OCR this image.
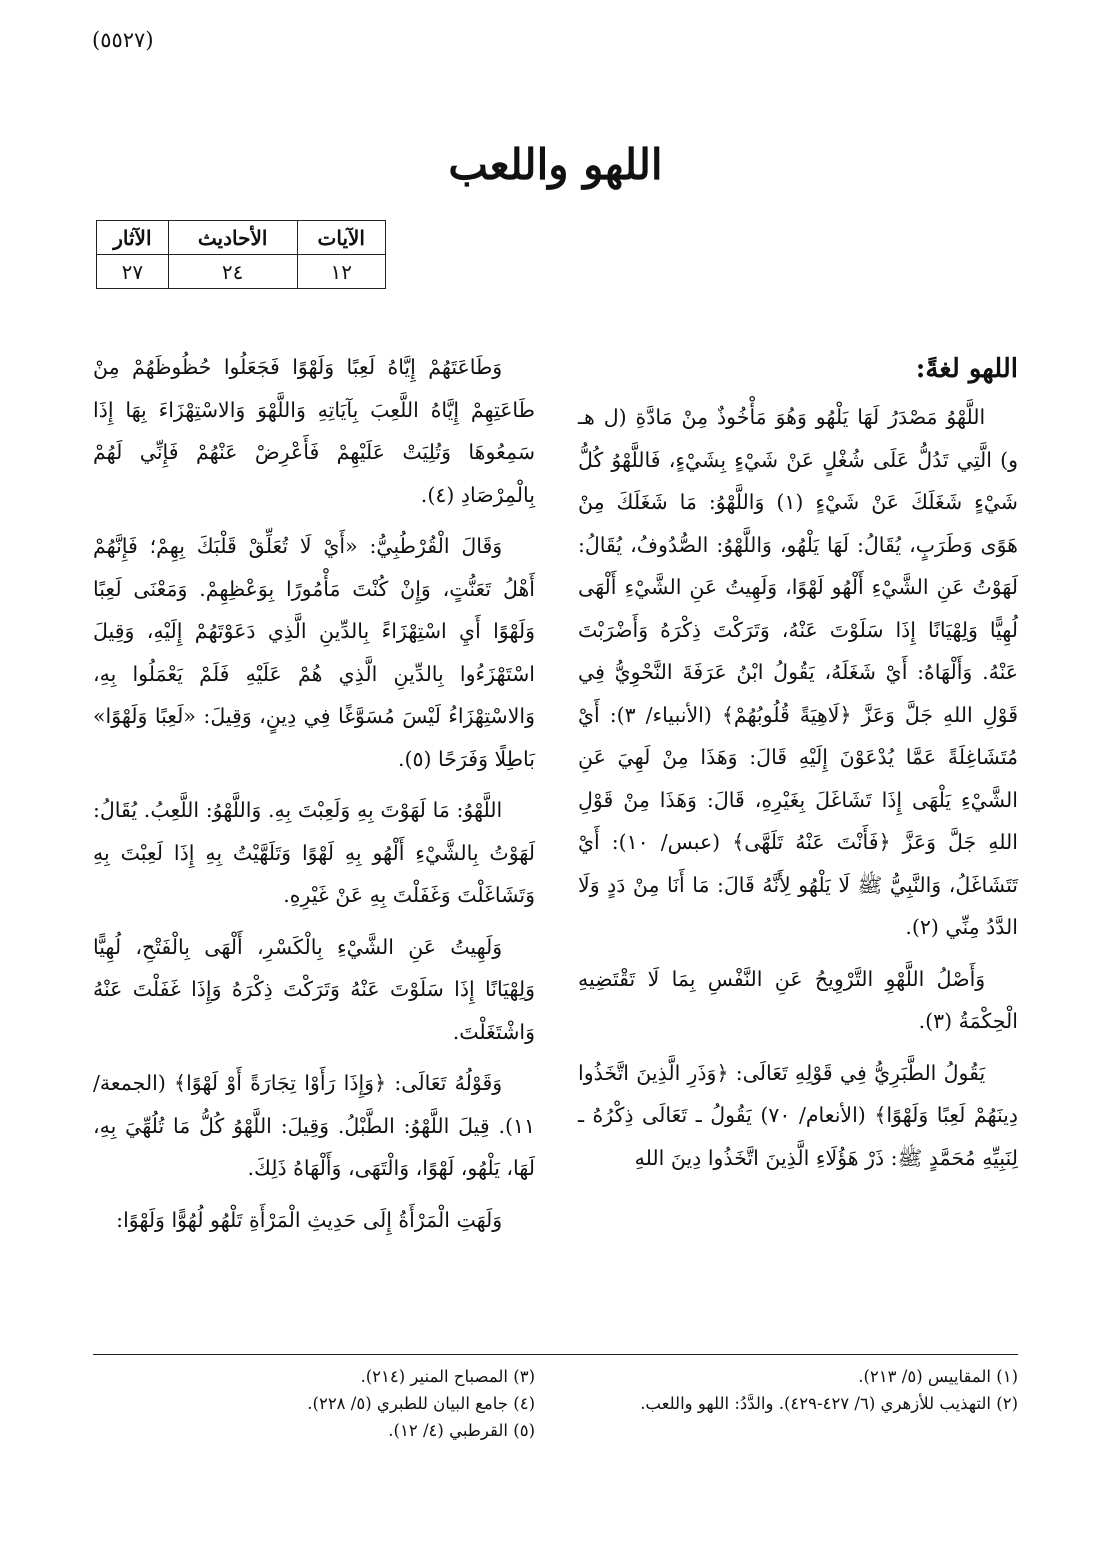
(٥٥٢٧)
اللهو واللعب
الآيات	الأحاديث	الآثار
١٢	٢٤	٢٧
اللهو لغةً:

اللَّهْوُ مَصْدَرُ لَهَا يَلْهُو وَهُوَ مَأْخُوذٌ مِنْ مَادَّةِ (ل هـ و) الَّتِي تَدُلُّ عَلَى شُغْلٍ عَنْ شَيْءٍ بِشَيْءٍ، فَاللَّهْوُ كُلُّ شَيْءٍ شَغَلَكَ عَنْ شَيْءٍ (١) وَاللَّهْوُ: مَا شَغَلَكَ مِنْ هَوًى وَطَرَبٍ، يُقَالُ: لَهَا يَلْهُو، وَاللَّهْوُ: الصُّدُوفُ، يُقَالُ: لَهَوْتُ عَنِ الشَّيْءِ أَلْهُو لَهْوًا، وَلَهِيتُ عَنِ الشَّيْءِ أَلْهَى لُهِيًّا وَلِهْيَانًا إِذَا سَلَوْتَ عَنْهُ، وَتَرَكْتَ ذِكْرَهُ وَأَضْرَبْتَ عَنْهُ. وَأَلْهَاهُ: أَيْ شَغَلَهُ، يَقُولُ ابْنُ عَرَفَةَ النَّحْوِيُّ فِي قَوْلِ اللهِ جَلَّ وَعَزَّ ﴿لَاهِيَةً قُلُوبُهُمْ﴾ (الأنبياء/ ٣): أَيْ مُتَشَاغِلَةً عَمَّا يُدْعَوْنَ إِلَيْهِ قَالَ: وَهَذَا مِنْ لَهِيَ عَنِ الشَّيْءِ يَلْهَى إِذَا تَشَاغَلَ بِغَيْرِهِ، قَالَ: وَهَذَا مِنْ قَوْلِ اللهِ جَلَّ وَعَزَّ ﴿فَأَنْتَ عَنْهُ تَلَهَّى﴾ (عبس/ ١٠): أَيْ تَتَشَاغَلُ، وَالنَّبِيُّ ﷺ لَا يَلْهُو لِأَنَّهُ قَالَ: مَا أَنَا مِنْ دَدٍ وَلَا الدَّدُ مِنِّي (٢).

وَأَصْلُ اللَّهْوِ التَّرْوِيحُ عَنِ النَّفْسِ بِمَا لَا تَقْتَضِيهِ الْحِكْمَةُ (٣).

يَقُولُ الطَّبَرِيُّ فِي قَوْلِهِ تَعَالَى: ﴿وَذَرِ الَّذِينَ اتَّخَذُوا دِينَهُمْ لَعِبًا وَلَهْوًا﴾ (الأنعام/ ٧٠) يَقُولُ ـ تَعَالَى ذِكْرُهُ ـ لِنَبِيِّهِ مُحَمَّدٍ ﷺ: ذَرْ هَؤُلَاءِ الَّذِينَ اتَّخَذُوا دِينَ اللهِ

وَطَاعَتَهُمْ إِيَّاهُ لَعِبًا وَلَهْوًا فَجَعَلُوا حُظُوظَهُمْ مِنْ طَاعَتِهِمْ إِيَّاهُ اللَّعِبَ بِآيَاتِهِ وَاللَّهْوَ وَالاسْتِهْزَاءَ بِهَا إِذَا سَمِعُوهَا وَتُلِيَتْ عَلَيْهِمْ فَأَعْرِضْ عَنْهُمْ فَإِنِّي لَهُمْ بِالْمِرْصَادِ (٤).

وَقَالَ الْقُرْطُبِيُّ: «أَيْ لَا تُعَلِّقْ قَلْبَكَ بِهِمْ؛ فَإِنَّهُمْ أَهْلُ تَعَنُّتٍ، وَإِنْ كُنْتَ مَأْمُورًا بِوَعْظِهِمْ. وَمَعْنَى لَعِبًا وَلَهْوًا أَيِ اسْتِهْزَاءً بِالدِّينِ الَّذِي دَعَوْتَهُمْ إِلَيْهِ، وَقِيلَ اسْتَهْزَءُوا بِالدِّينِ الَّذِي هُمْ عَلَيْهِ فَلَمْ يَعْمَلُوا بِهِ، وَالاسْتِهْزَاءُ لَيْسَ مُسَوَّغًا فِي دِينٍ، وَقِيلَ: «لَعِبًا وَلَهْوًا» بَاطِلًا وَفَرَحًا (٥).

اللَّهْوُ: مَا لَهَوْتَ بِهِ وَلَعِبْتَ بِهِ. وَاللَّهْوُ: اللَّعِبُ. يُقَالُ: لَهَوْتُ بِالشَّيْءِ أَلْهُو بِهِ لَهْوًا وَتَلَهَّيْتُ بِهِ إِذَا لَعِبْتَ بِهِ وَتَشَاغَلْتَ وَغَفَلْتَ بِهِ عَنْ غَيْرِهِ.

وَلَهِيتُ عَنِ الشَّيْءِ بِالْكَسْرِ، أَلْهَى بِالْفَتْحِ، لُهِيًّا وَلِهْيَانًا إِذَا سَلَوْتَ عَنْهُ وَتَرَكْتَ ذِكْرَهُ وَإِذَا غَفَلْتَ عَنْهُ وَاشْتَغَلْتَ.

وَقَوْلُهُ تَعَالَى: ﴿وَإِذَا رَأَوْا تِجَارَةً أَوْ لَهْوًا﴾ (الجمعة/ ١١). قِيلَ اللَّهْوُ: الطَّبْلُ. وَقِيلَ: اللَّهْوُ كُلُّ مَا تُلُهِّيَ بِهِ، لَهَا، يَلْهُو، لَهْوًا، وَالْتَهَى، وَأَلْهَاهُ ذَلِكَ.

وَلَهَتِ الْمَرْأَةُ إِلَى حَدِيثِ الْمَرْأَةِ تَلْهُو لُهُوًّا وَلَهْوًا:

(١) المقاييس (٥/ ٢١٣).
(٢) التهذيب للأزهري (٦/ ٤٢٧-٤٢٩). والدَّدُ: اللهو واللعب.
(٣) المصباح المنير (٢١٤).
(٤) جامع البيان للطبري (٥/ ٢٢٨).
(٥) القرطبي (٤/ ١٢).
